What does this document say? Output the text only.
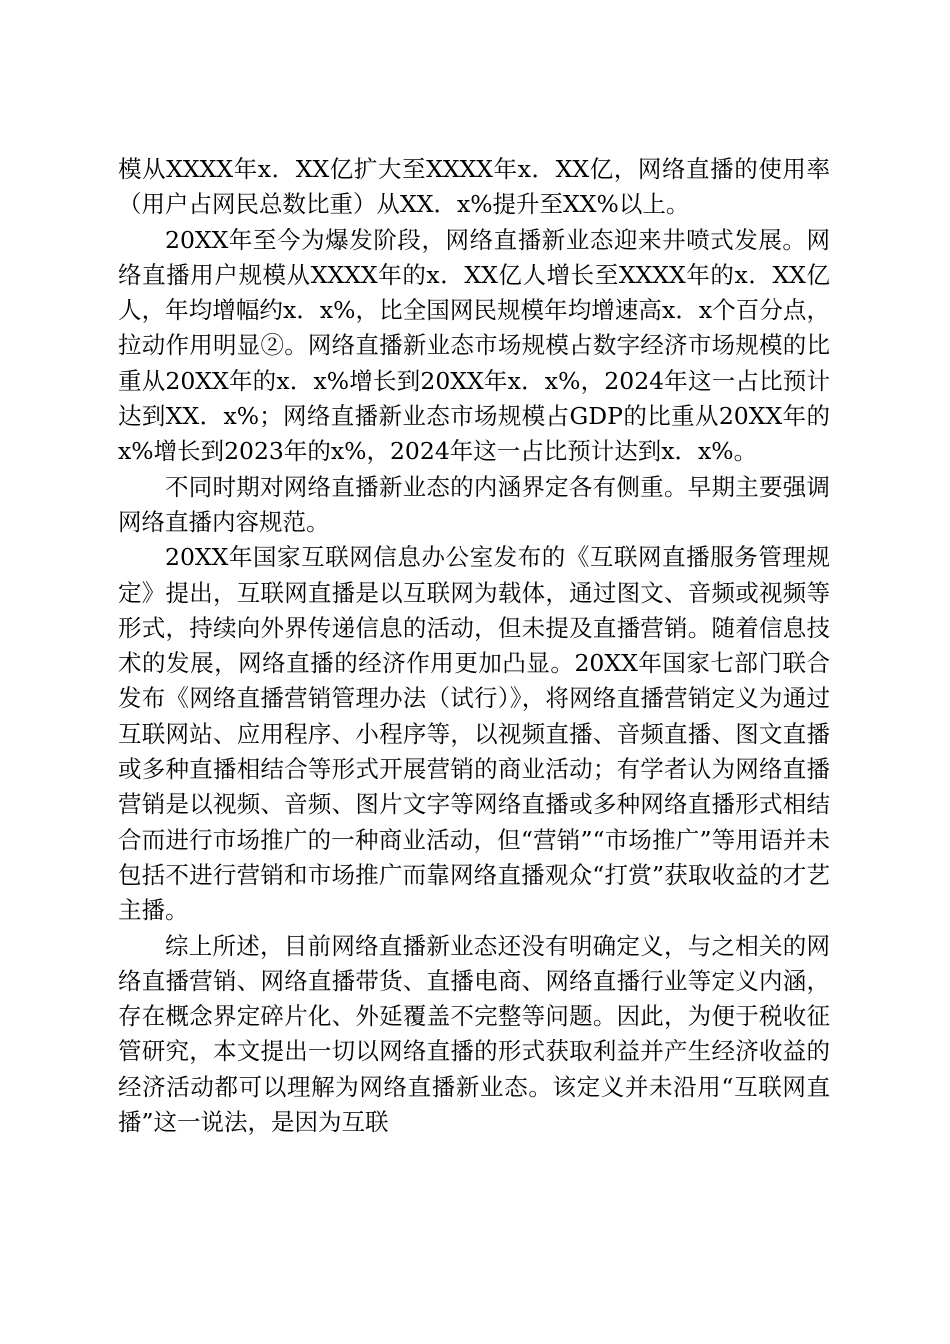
模从XXXX年x．XX亿扩大至XXXX年x．XX亿，网络直播的使用率（用户占网民总数比重）从XX．x%提升至XX%以上。

20XX年至今为爆发阶段，网络直播新业态迎来井喷式发展。网络直播用户规模从XXXX年的x．XX亿人增长至XXXX年的x．XX亿人，年均增幅约x．x%，比全国网民规模年均增速高x．x个百分点，拉动作用明显②。网络直播新业态市场规模占数字经济市场规模的比重从20XX年的x．x%增长到20XX年x．x%，2024年这一占比预计达到XX．x%；网络直播新业态市场规模占GDP的比重从20XX年的x%增长到2023年的x%，2024年这一占比预计达到x．x%。

不同时期对网络直播新业态的内涵界定各有侧重。早期主要强调网络直播内容规范。

20XX年国家互联网信息办公室发布的《互联网直播服务管理规定》提出，互联网直播是以互联网为载体，通过图文、音频或视频等形式，持续向外界传递信息的活动，但未提及直播营销。随着信息技术的发展，网络直播的经济作用更加凸显。20XX年国家七部门联合发布《网络直播营销管理办法（试行）》，将网络直播营销定义为通过互联网站、应用程序、小程序等，以视频直播、音频直播、图文直播或多种直播相结合等形式开展营销的商业活动；有学者认为网络直播营销是以视频、音频、图片文字等网络直播或多种网络直播形式相结合而进行市场推广的一种商业活动，但“营销”“市场推广”等用语并未包括不进行营销和市场推广而靠网络直播观众“打赏”获取收益的才艺主播。

综上所述，目前网络直播新业态还没有明确定义，与之相关的网络直播营销、网络直播带货、直播电商、网络直播行业等定义内涵，存在概念界定碎片化、外延覆盖不完整等问题。因此，为便于税收征管研究，本文提出一切以网络直播的形式获取利益并产生经济收益的经济活动都可以理解为网络直播新业态。该定义并未沿用“互联网直播”这一说法，是因为互联
